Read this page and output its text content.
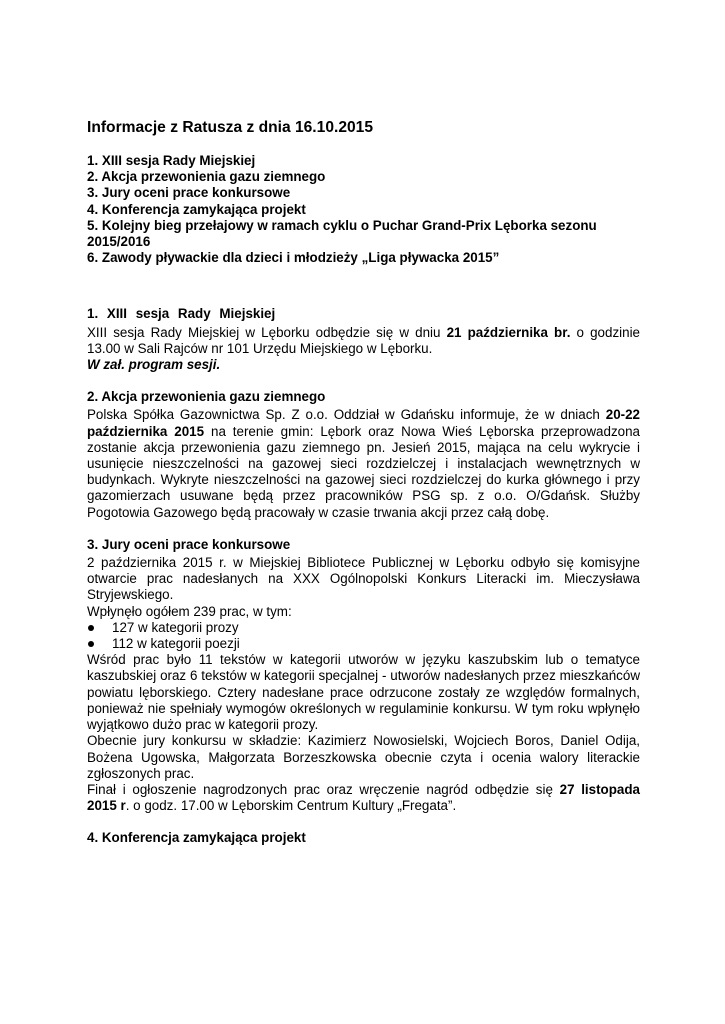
Informacje z Ratusza z dnia 16.10.2015
1. XIII sesja Rady Miejskiej
2. Akcja przewonienia gazu ziemnego
3. Jury oceni prace konkursowe
4. Konferencja zamykająca projekt
5. Kolejny bieg przełajowy w ramach cyklu o Puchar Grand-Prix Lęborka sezonu 2015/2016
6. Zawody pływackie dla dzieci i młodzieży „Liga pływacka 2015”
1. XIII sesja Rady Miejskiej

XIII sesja Rady Miejskiej w Lęborku odbędzie się w dniu 21 października br. o godzinie 13.00 w Sali Rajców nr 101 Urzędu Miejskiego w Lęborku.

W zał. program sesji.
2. Akcja przewonienia gazu ziemnego

Polska Spółka Gazownictwa Sp. Z o.o. Oddział w Gdańsku informuje, że w dniach 20-22 października 2015 na terenie gmin: Lębork oraz Nowa Wieś Lęborska przeprowadzona zostanie akcja przewonienia gazu ziemnego pn. Jesień 2015, mająca na celu wykrycie i usunięcie nieszczelności na gazowej sieci rozdzielczej i instalacjach wewnętrznych w budynkach. Wykryte nieszczelności na gazowej sieci rozdzielczej do kurka głównego i przy gazomierzach usuwane będą przez pracowników PSG sp. z o.o. O/Gdańsk. Służby Pogotowia Gazowego będą pracowały w czasie trwania akcji przez całą dobę.

3. Jury oceni prace konkursowe

2 października 2015 r. w Miejskiej Bibliotece Publicznej w Lęborku odbyło się komisyjne otwarcie prac nadesłanych na XXX Ogólnopolski Konkurs Literacki im. Mieczysława Stryjewskiego.

Wpłynęło ogółem 239 prac, w tym:

127 w kategorii prozy
112 w kategorii poezji

Wśród prac było 11 tekstów w kategorii utworów w języku kaszubskim lub o tematyce kaszubskiej oraz 6 tekstów w kategorii specjalnej - utworów nadesłanych przez mieszkańców powiatu lęborskiego. Cztery nadesłane prace odrzucone zostały ze względów formalnych, ponieważ nie spełniały wymogów określonych w regulaminie konkursu. W tym roku wpłynęło wyjątkowo dużo prac w kategorii prozy.

Obecnie jury konkursu w składzie: Kazimierz Nowosielski, Wojciech Boros, Daniel Odija, Bożena Ugowska, Małgorzata Borzeszkowska obecnie czyta i ocenia walory literackie zgłoszonych prac.

Finał i ogłoszenie nagrodzonych prac oraz wręczenie nagród odbędzie się 27 listopada 2015 r. o godz. 17.00 w Lęborskim Centrum Kultury „Fregata”.

4. Konferencja zamykająca projekt
